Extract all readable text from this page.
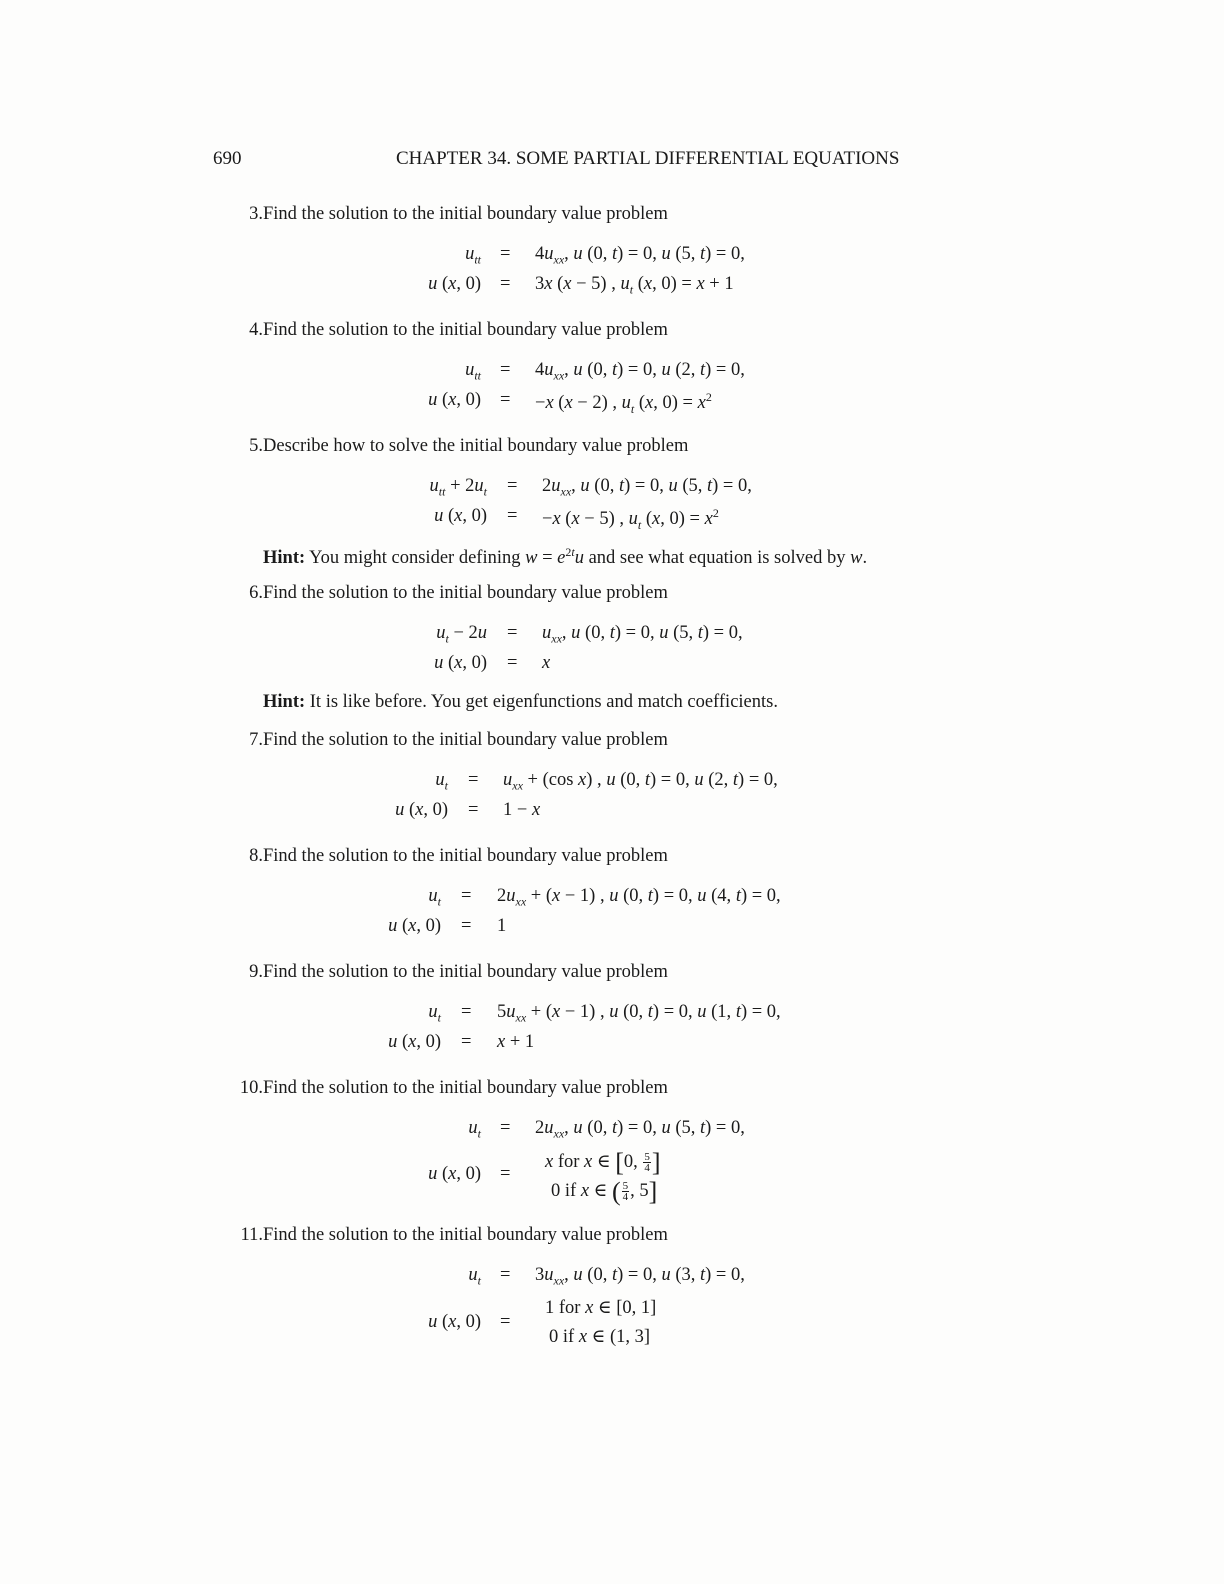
690	CHAPTER 34. SOME PARTIAL DIFFERENTIAL EQUATIONS
3. Find the solution to the initial boundary value problem
$u_{tt} = 4u_{xx}$, u (0, t) = 0, u (5, t) = 0,
u (x, 0) = 3x (x − 5) , $u_t$ (x, 0) = x + 1
4. Find the solution to the initial boundary value problem
$u_{tt} = 4u_{xx}$, u (0, t) = 0, u (2, t) = 0,
u (x, 0) = −x (x − 2) , $u_t$ (x, $0) = x^2$
5. Describe how to solve the initial boundary value problem
$u_{tt} + 2u_t = 2u_{xx}$, u (0, t) = 0, u (5, t) = 0,
u (x, 0) = −x (x − 5) , $u_t$ (x, $0) = x^2$
Hint: You might consider defining $w = e^{2t}u$ and see what equation is solved by w.
6. Find the solution to the initial boundary value problem
$u_t - 2u = u_{xx}$, u (0, t) = 0, u (5, t) = 0,
u (x, 0) = x
Hint: It is like before. You get eigenfunctions and match coefficients.
7. Find the solution to the initial boundary value problem
$u_t = u_{xx} + (\cos$ x) , u (0, t) = 0, u (2, t) = 0,
u (x, 0) = 1 − x
8. Find the solution to the initial boundary value problem
$u_t = 2u_{xx} + (x - 1)$ , u (0, t) = 0, u (4, t) = 0,
u (x, 0) = 1
9. Find the solution to the initial boundary value problem
$u_t = 5u_{xx} + (x - 1)$ , u (0, t) = 0, u (1, t) = 0,
u (x, 0) = x + 1
10. Find the solution to the initial boundary value problem
$u_t = 2u_{xx}$, u (0, t) = 0, u (5, t) = 0,
u (x, 0) =
x for x ∈ [0, $\frac{5}{4}$ ]
0 if x ∈ ( $\frac{5}{4}$ , 5]
11. Find the solution to the initial boundary value problem
$u_t = 3u_{xx}$, u (0, t) = 0, u (3, t) = 0,
u (x, 0) =
1 for x ∈ [0, 1]
0 if x ∈ (1, 3]
